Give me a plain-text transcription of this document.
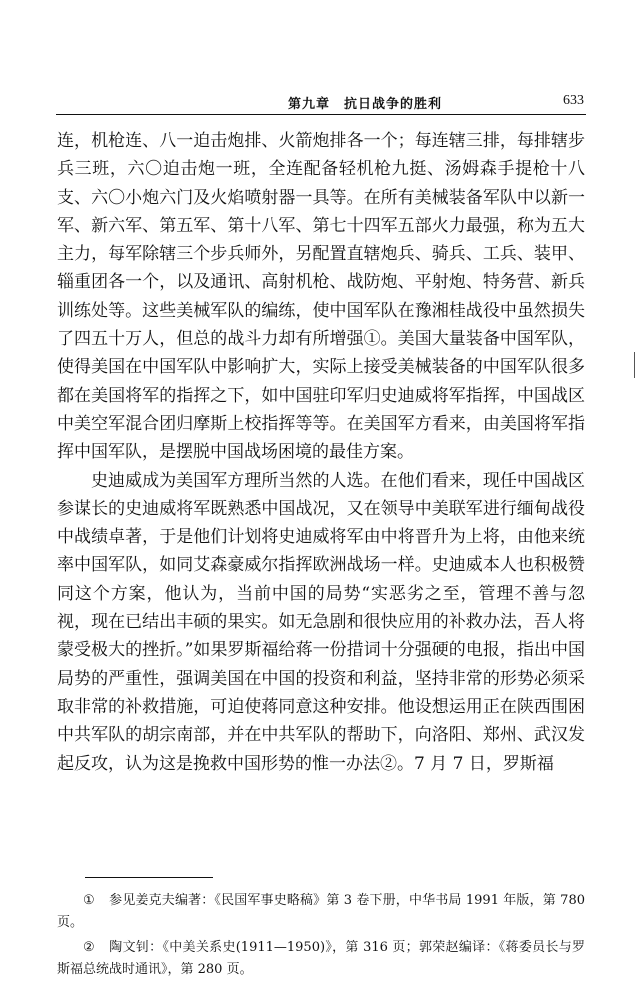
第九章　抗日战争的胜利	633

连，机枪连、八一迫击炮排、火箭炮排各一个；每连辖三排，每排辖步兵三班，六〇迫击炮一班，全连配备轻机枪九挺、汤姆森手提枪十八支、六〇小炮六门及火焰喷射器一具等。在所有美械装备军队中以新一军、新六军、第五军、第十八军、第七十四军五部火力最强，称为五大主力，每军除辖三个步兵师外，另配置直辖炮兵、骑兵、工兵、装甲、辎重团各一个，以及通讯、高射机枪、战防炮、平射炮、特务营、新兵训练处等。这些美械军队的编练，使中国军队在豫湘桂战役中虽然损失了四五十万人，但总的战斗力却有所增强①。美国大量装备中国军队，使得美国在中国军队中影响扩大，实际上接受美械装备的中国军队很多都在美国将军的指挥之下，如中国驻印军归史迪威将军指挥，中国战区中美空军混合团归摩斯上校指挥等等。在美国军方看来，由美国将军指挥中国军队，是摆脱中国战场困境的最佳方案。

史迪威成为美国军方理所当然的人选。在他们看来，现任中国战区参谋长的史迪威将军既熟悉中国战况，又在领导中美联军进行缅甸战役中战绩卓著，于是他们计划将史迪威将军由中将晋升为上将，由他来统率中国军队，如同艾森豪威尔指挥欧洲战场一样。史迪威本人也积极赞同这个方案，他认为，当前中国的局势“实恶劣之至，管理不善与忽视，现在已结出丰硕的果实。如无急剧和很快应用的补救办法，吾人将蒙受极大的挫折。”如果罗斯福给蒋一份措词十分强硬的电报，指出中国局势的严重性，强调美国在中国的投资和利益，坚持非常的形势必须采取非常的补救措施，可迫使蒋同意这种安排。他设想运用正在陕西围困中共军队的胡宗南部，并在中共军队的帮助下，向洛阳、郑州、武汉发起反攻，认为这是挽救中国形势的惟一办法②。7 月 7 日，罗斯福

① 参见姜克夫编著：《民国军事史略稿》第 3 卷下册，中华书局 1991 年版，第 780 页。

② 陶文钊：《中美关系史(1911—1950)》，第 316 页；郭荣赵编译：《蒋委员长与罗斯福总统战时通讯》，第 280 页。
